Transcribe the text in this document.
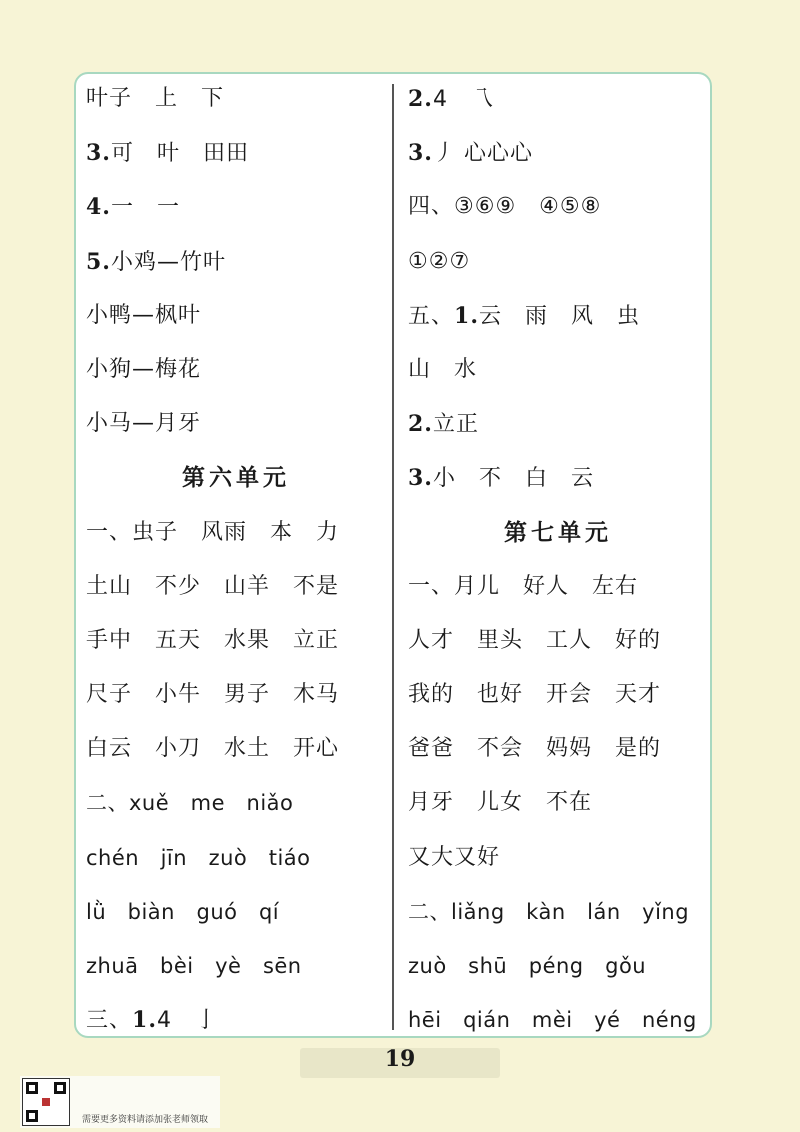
叶子　上　下
3.可　叶　田田
4.一　一
5.小鸡—竹叶
小鸭—枫叶
小狗—梅花
小马—月牙
第六单元
一、虫子　风雨　本　力
土山　不少　山羊　不是
手中　五天　水果　立正
尺子　小牛　男子　木马
白云　小刀　水土　开心
二、xuě　me　niǎo
chén　jīn　zuò　tiáo
lǜ　biàn　guó　qí
zhuā　bèi　yè　sēn
三、1.4　亅
2.4　乁
3.丿 心心心
四、③⑥⑨　④⑤⑧
①②⑦
五、1.云　雨　风　虫
山　水
2.立正
3.小　不　白　云
第七单元
一、月儿　好人　左右
人才　里头　工人　好的
我的　也好　开会　天才
爸爸　不会　妈妈　是的
月牙　儿女　不在
又大又好
二、liǎng　kàn　lán　yǐng
zuò　shū　péng　gǒu
hēi　qián　mèi　yé　néng
19
需要更多资料请添加张老师领取
